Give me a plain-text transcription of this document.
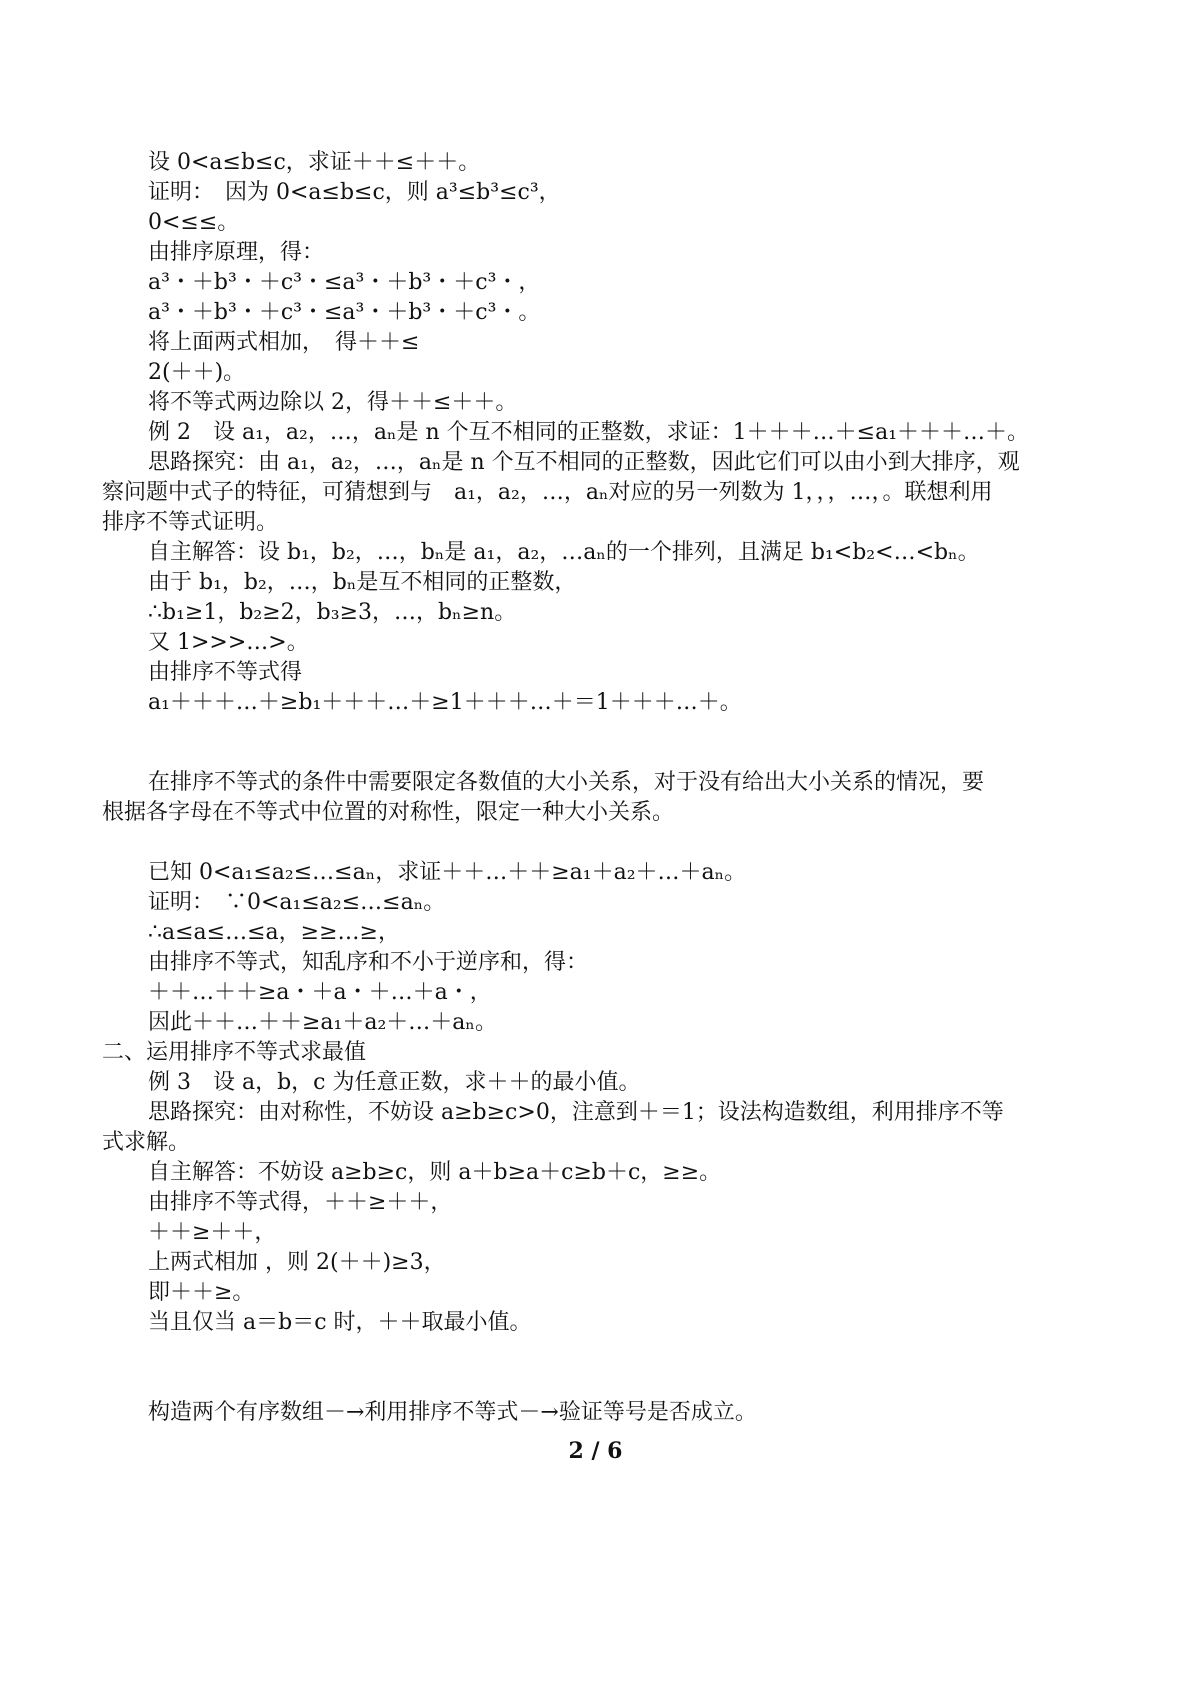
设 0<a≤b≤c，求证＋＋≤＋＋。
证明：　因为 0<a≤b≤c，则 a³≤b³≤c³，
0<≤≤。
由排序原理，得：
a³・＋b³・＋c³・≤a³・＋b³・＋c³・，
a³・＋b³・＋c³・≤a³・＋b³・＋c³・。
将上面两式相加，　得＋＋≤
2(＋＋)。
将不等式两边除以 2，得＋＋≤＋＋。
例 2　设 a₁，a₂，…，aₙ是 n 个互不相同的正整数，求证：1＋＋＋…＋≤a₁＋＋＋…＋。
思路探究：由 a₁，a₂，…，aₙ是 n 个互不相同的正整数，因此它们可以由小到大排序，观
察问题中式子的特征，可猜想到与　a₁，a₂，…，aₙ对应的另一列数为 1，，，…，。联想利用
排序不等式证明。
自主解答：设 b₁，b₂，…，bₙ是 a₁，a₂，…aₙ的一个排列，且满足 b₁<b₂<…<bₙ。
由于 b₁，b₂，…，bₙ是互不相同的正整数，
∴b₁≥1，b₂≥2，b₃≥3，…，bₙ≥n。
又 1>>>…>。
由排序不等式得
a₁＋＋＋…＋≥b₁＋＋＋…＋≥1＋＋＋…＋＝1＋＋＋…＋。
在排序不等式的条件中需要限定各数值的大小关系，对于没有给出大小关系的情况，要
根据各字母在不等式中位置的对称性，限定一种大小关系。
已知 0<a₁≤a₂≤…≤aₙ，求证＋＋…＋＋≥a₁＋a₂＋…＋aₙ。
证明：　∵0<a₁≤a₂≤…≤aₙ。
∴a≤a≤…≤a，≥≥…≥，
由排序不等式，知乱序和不小于逆序和，得：
＋＋…＋＋≥a・＋a・＋…＋a・，
因此＋＋…＋＋≥a₁＋a₂＋…＋aₙ。
二、运用排序不等式求最值
例 3　设 a，b，c 为任意正数，求＋＋的最小值。
思路探究：由对称性，不妨设 a≥b≥c>0，注意到＋＝1；设法构造数组，利用排序不等
式求解。
自主解答：不妨设 a≥b≥c，则 a＋b≥a＋c≥b＋c，≥≥。
由排序不等式得，＋＋≥＋＋，
＋＋≥＋＋，
上两式相加 ，则 2(＋＋)≥3，
即＋＋≥。
当且仅当 a＝b＝c 时，＋＋取最小值。
构造两个有序数组－→利用排序不等式－→验证等号是否成立。
2 / 6
